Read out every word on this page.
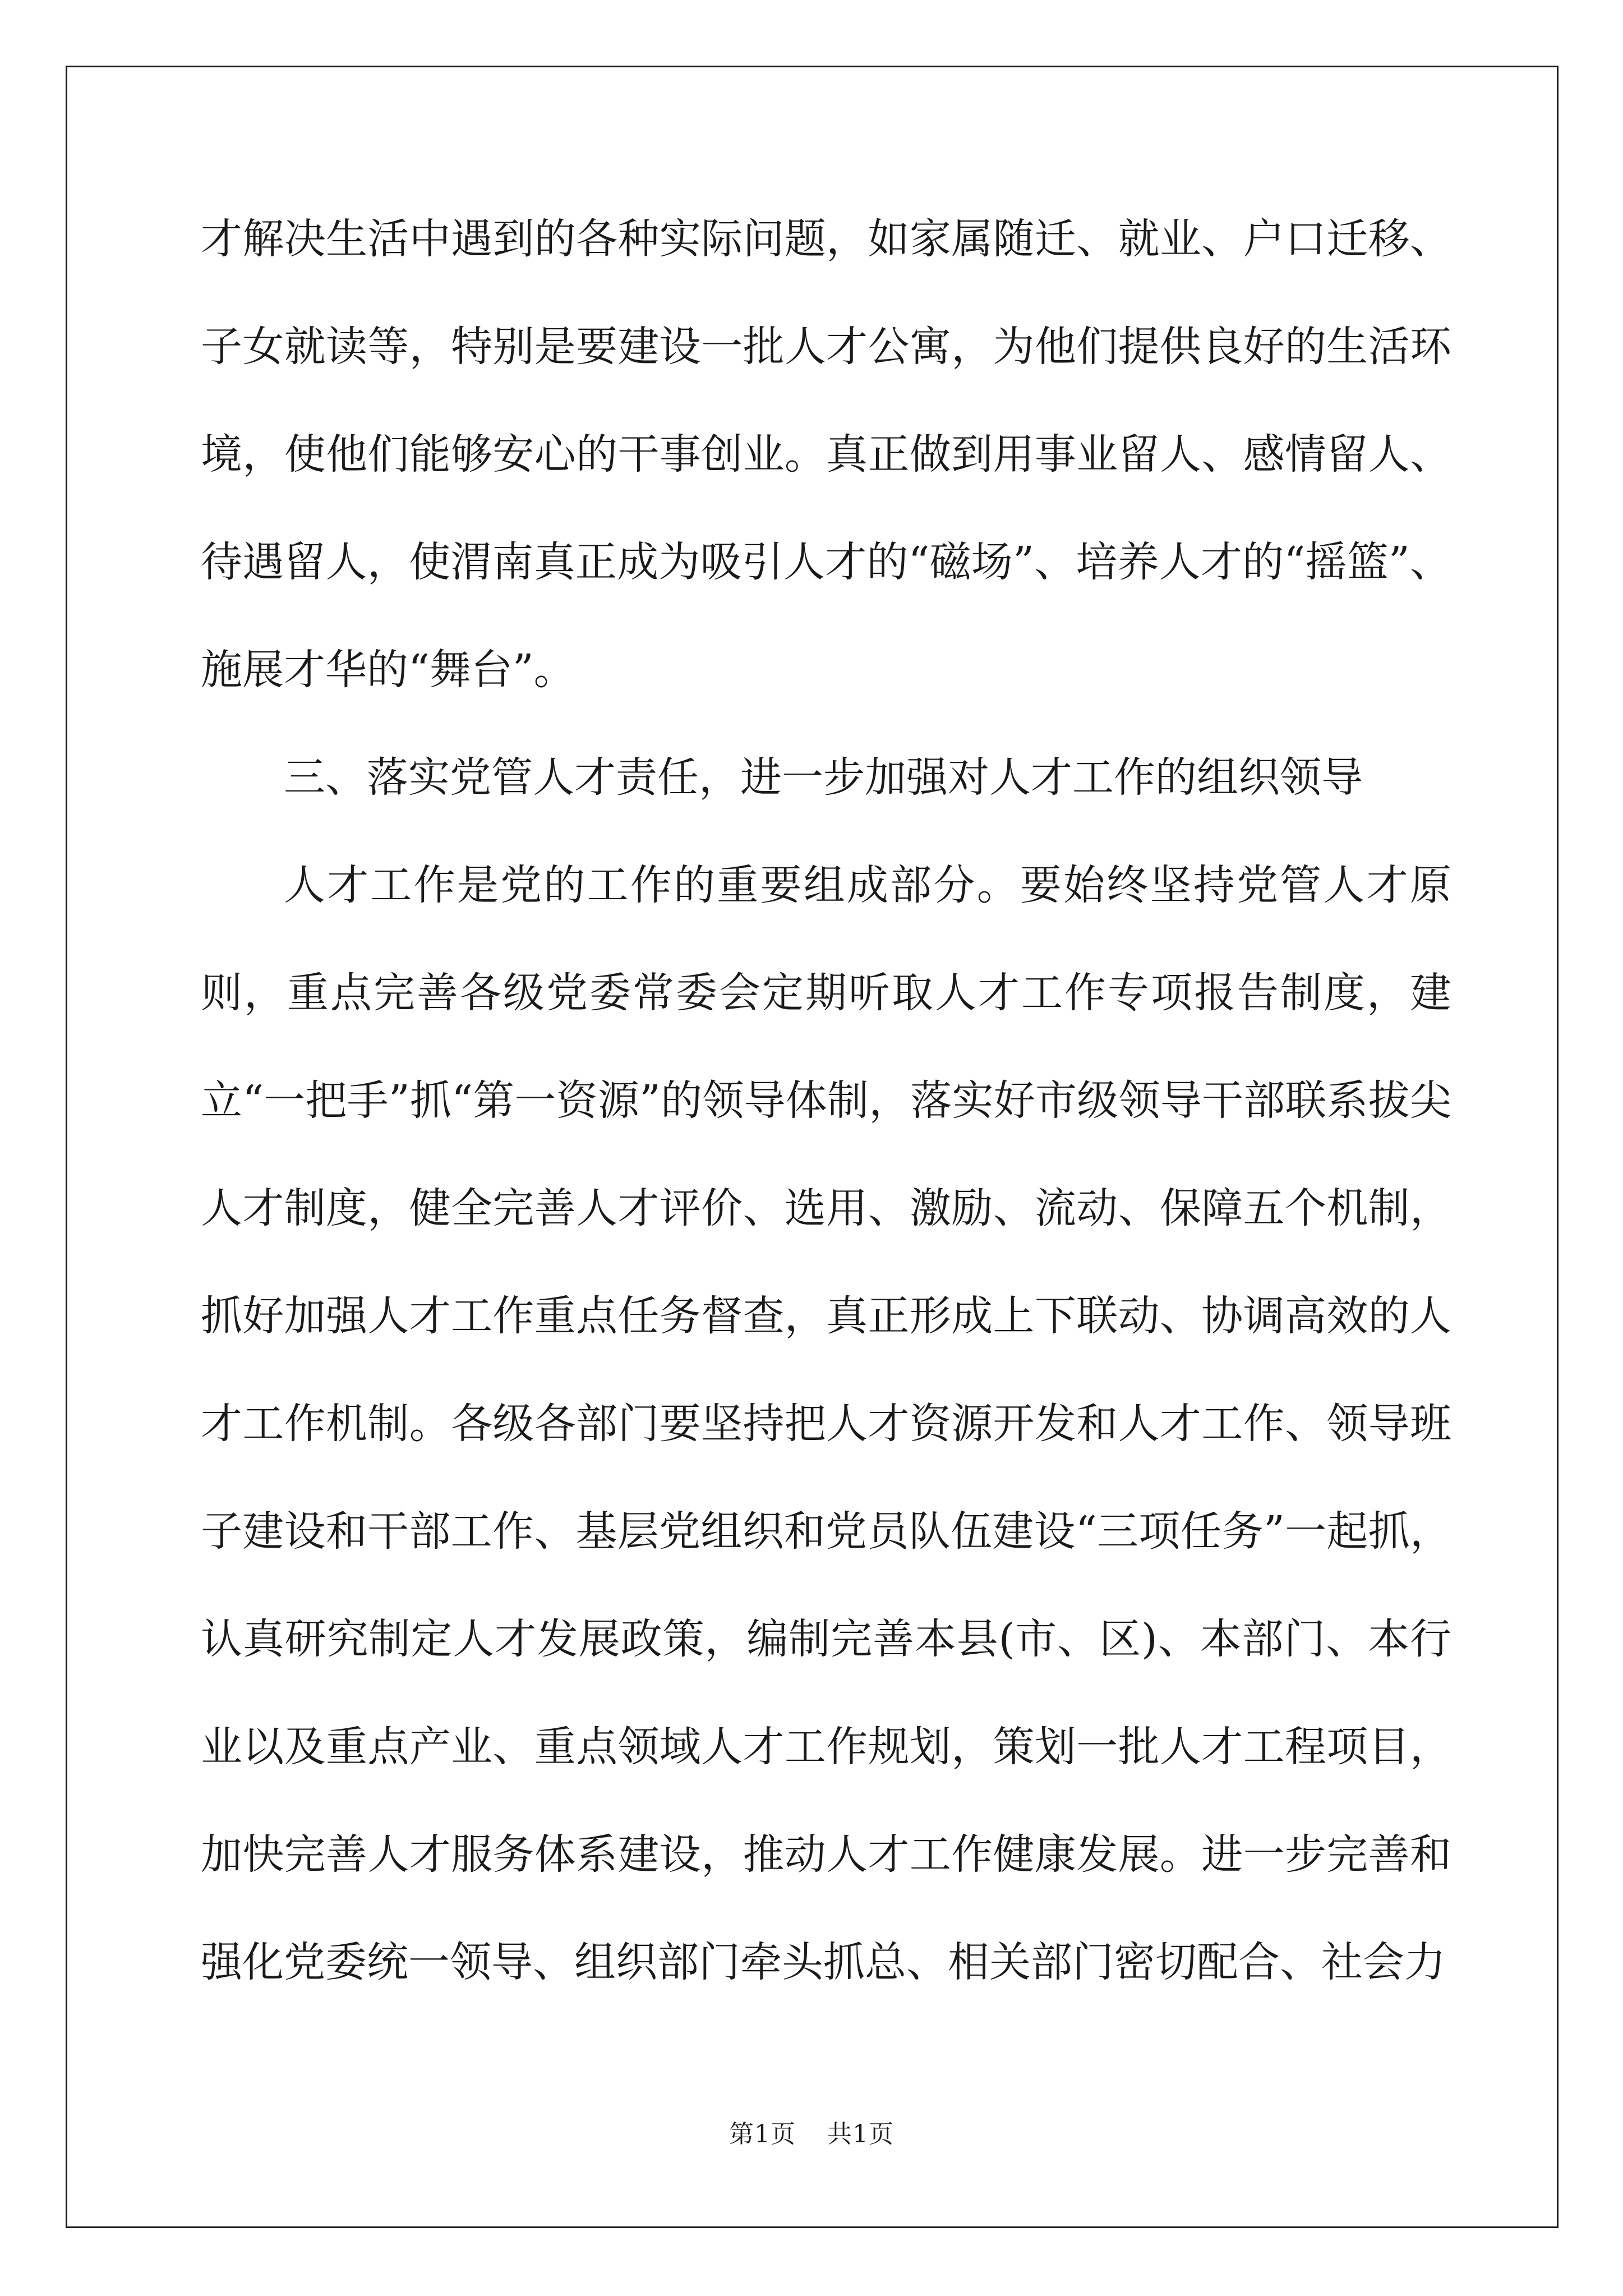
才解决生活中遇到的各种实际问题，如家属随迁、就业、户口迁移、子女就读等，特别是要建设一批人才公寓，为他们提供良好的生活环境，使他们能够安心的干事创业。真正做到用事业留人、感情留人、待遇留人，使渭南真正成为吸引人才的“磁场”、培养人才的“摇篮”、施展才华的“舞台”。

三、落实党管人才责任，进一步加强对人才工作的组织领导

人才工作是党的工作的重要组成部分。要始终坚持党管人才原则，重点完善各级党委常委会定期听取人才工作专项报告制度，建立“一把手”抓“第一资源”的领导体制，落实好市级领导干部联系拔尖人才制度，健全完善人才评价、选用、激励、流动、保障五个机制，抓好加强人才工作重点任务督查，真正形成上下联动、协调高效的人才工作机制。各级各部门要坚持把人才资源开发和人才工作、领导班子建设和干部工作、基层党组织和党员队伍建设“三项任务”一起抓，认真研究制定人才发展政策，编制完善本县(市、区)、本部门、本行业以及重点产业、重点领域人才工作规划，策划一批人才工程项目，加快完善人才服务体系建设，推动人才工作健康发展。进一步完善和强化党委统一领导、组织部门牵头抓总、相关部门密切配合、社会力

第1页 共1页
